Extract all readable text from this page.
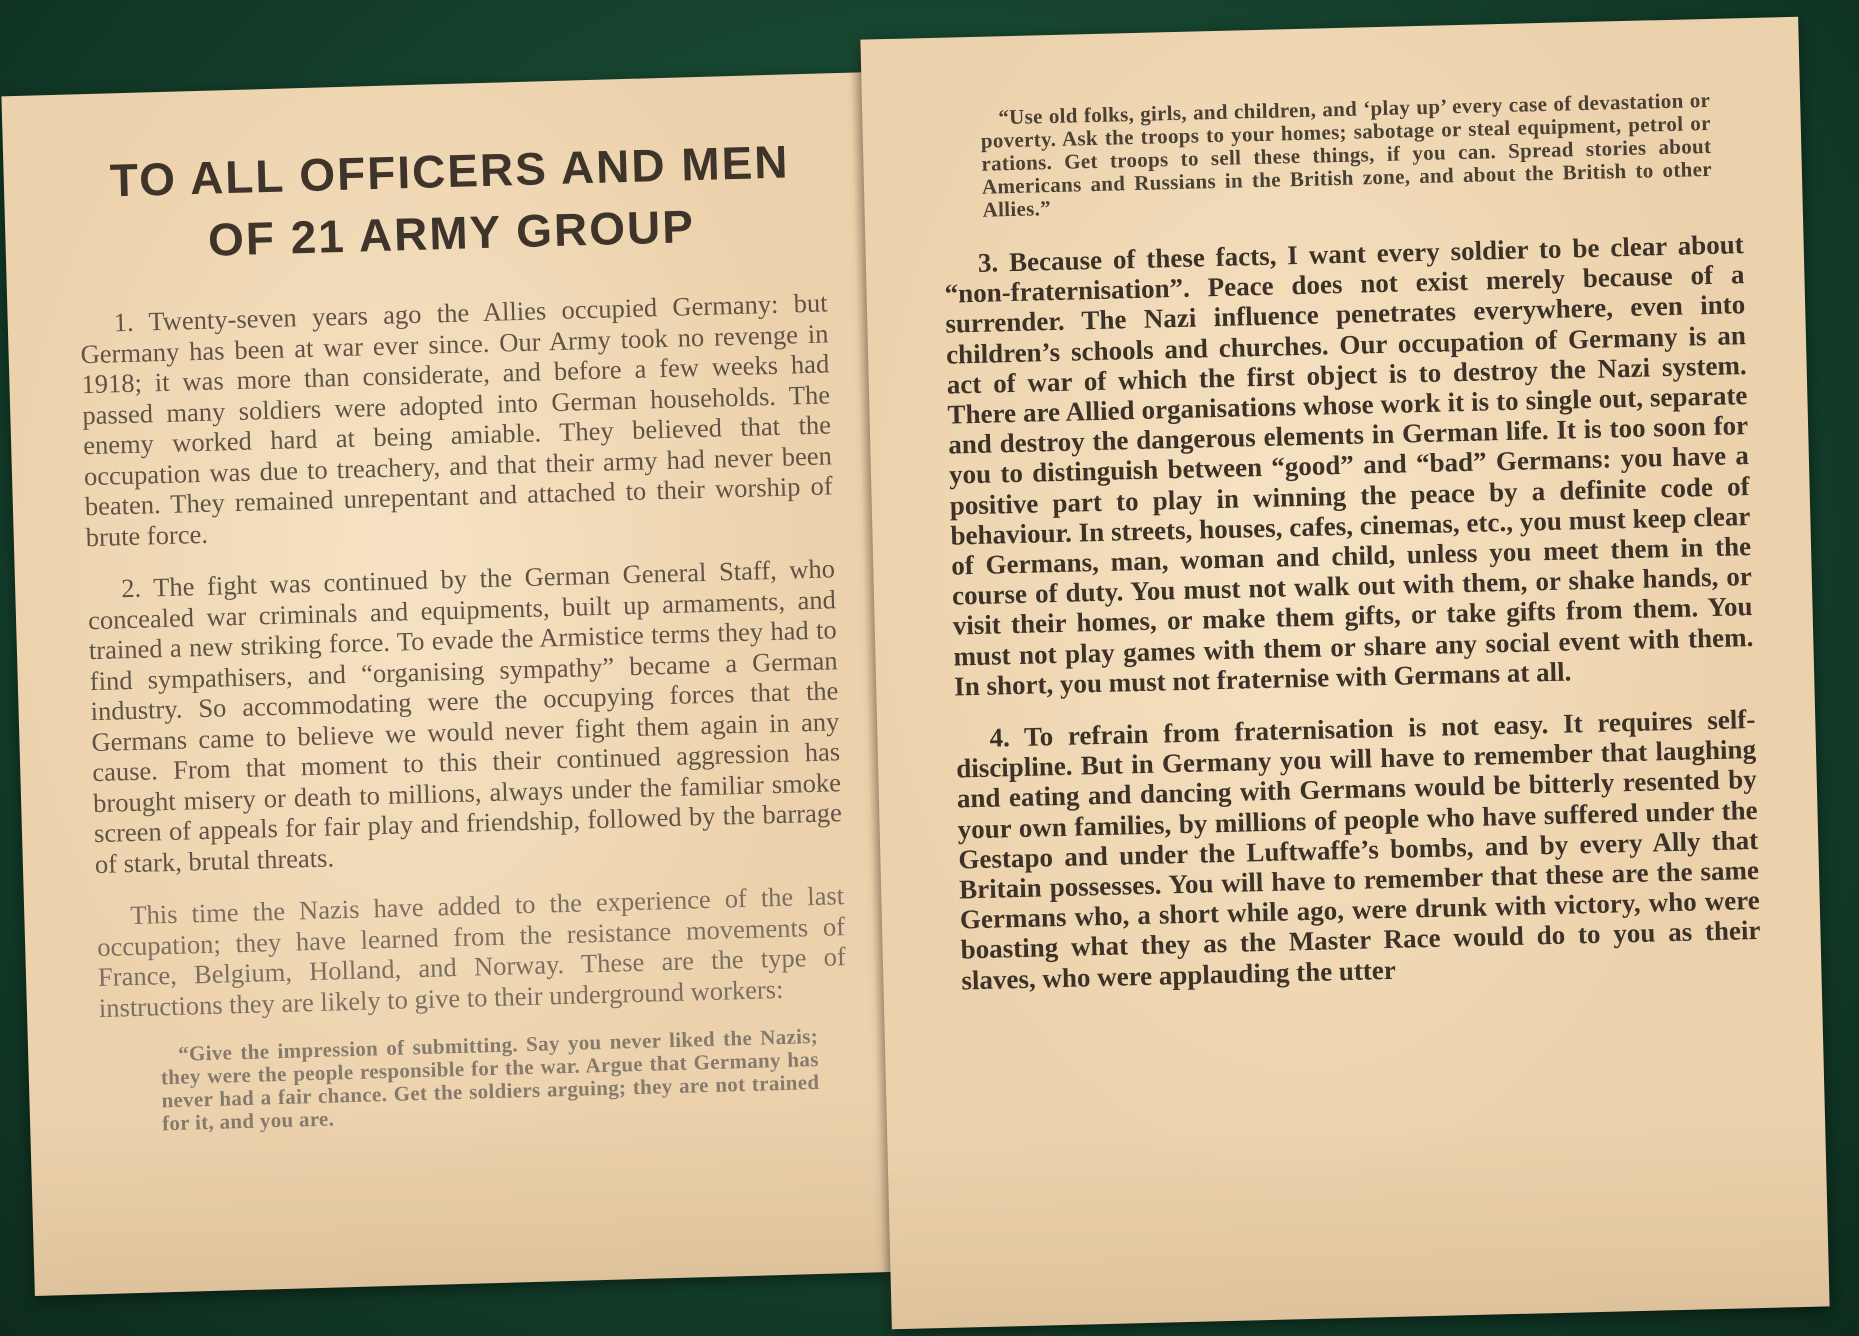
TO ALL OFFICERS AND MEN
OF 21 ARMY GROUP

1. Twenty-seven years ago the Allies occupied Germany: but Germany has been at war ever since. Our Army took no revenge in 1918; it was more than considerate, and before a few weeks had passed many soldiers were adopted into German households. The enemy worked hard at being amiable. They believed that the occupation was due to treachery, and that their army had never been beaten. They remained unrepentant and attached to their worship of brute force.

2. The fight was continued by the German General Staff, who concealed war criminals and equipments, built up armaments, and trained a new striking force. To evade the Armistice terms they had to find sympathisers, and “organising sympathy” became a German industry. So accommodating were the occupying forces that the Germans came to believe we would never fight them again in any cause. From that moment to this their continued aggression has brought misery or death to millions, always under the familiar smoke screen of appeals for fair play and friendship, followed by the barrage of stark, brutal threats.

This time the Nazis have added to the experience of the last occupation; they have learned from the resistance movements of France, Belgium, Holland, and Norway. These are the type of instructions they are likely to give to their underground workers:

“Give the impression of submitting. Say you never liked the Nazis; they were the people responsible for the war. Argue that Germany has never had a fair chance. Get the soldiers arguing; they are not trained for it, and you are.
“Use old folks, girls, and children, and ‘play up’ every case of devastation or poverty. Ask the troops to your homes; sabotage or steal equipment, petrol or rations. Get troops to sell these things, if you can. Spread stories about Americans and Russians in the British zone, and about the British to other Allies.”

3. Because of these facts, I want every soldier to be clear about “non-fraternisation”. Peace does not exist merely because of a surrender. The Nazi influence penetrates everywhere, even into children’s schools and churches. Our occupation of Germany is an act of war of which the first object is to destroy the Nazi system. There are Allied organisations whose work it is to single out, separate and destroy the dangerous elements in German life. It is too soon for you to distinguish between “good” and “bad” Germans: you have a positive part to play in winning the peace by a definite code of behaviour. In streets, houses, cafes, cinemas, etc., you must keep clear of Germans, man, woman and child, unless you meet them in the course of duty. You must not walk out with them, or shake hands, or visit their homes, or make them gifts, or take gifts from them. You must not play games with them or share any social event with them. In short, you must not fraternise with Germans at all.

4. To refrain from fraternisation is not easy. It requires self-discipline. But in Germany you will have to remember that laughing and eating and dancing with Germans would be bitterly resented by your own families, by millions of people who have suffered under the Gestapo and under the Luftwaffe’s bombs, and by every Ally that Britain possesses. You will have to remember that these are the same Germans who, a short while ago, were drunk with victory, who were boasting what they as the Master Race would do to you as their slaves, who were applauding the utter
